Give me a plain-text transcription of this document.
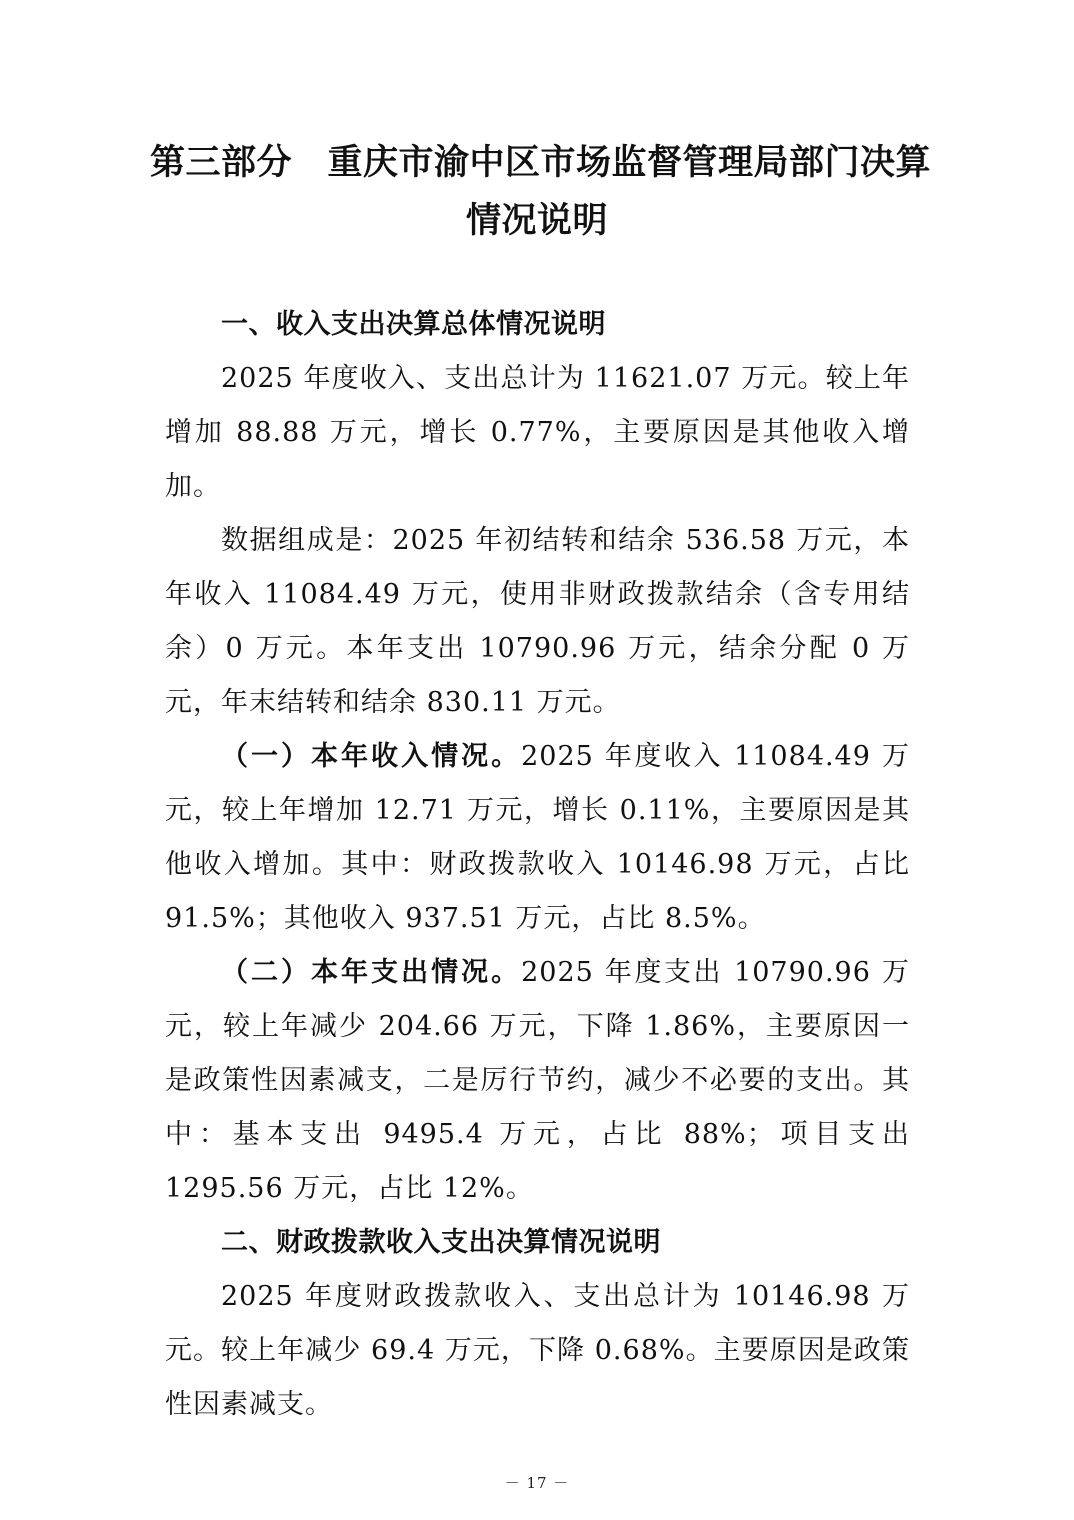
第三部分　重庆市渝中区市场监督管理局部门决算
情况说明
一、收入支出决算总体情况说明

2025 年度收入、支出总计为 11621.07 万元。较上年增加 88.88 万元，增长 0.77%，主要原因是其他收入增加。

数据组成是：2025 年初结转和结余 536.58 万元，本年收入 11084.49 万元，使用非财政拨款结余（含专用结余）0 万元。本年支出 10790.96 万元，结余分配 0 万元，年末结转和结余 830.11 万元。

（一）本年收入情况。2025 年度收入 11084.49 万元，较上年增加 12.71 万元，增长 0.11%，主要原因是其他收入增加。其中：财政拨款收入 10146.98 万元，占比 91.5%；其他收入 937.51 万元，占比 8.5%。

（二）本年支出情况。2025 年度支出 10790.96 万元，较上年减少 204.66 万元，下降 1.86%，主要原因一是政策性因素减支，二是厉行节约，减少不必要的支出。其中：基本支出 9495.4 万元，占比 88%；项目支出 1295.56 万元，占比 12%。

二、财政拨款收入支出决算情况说明

2025 年度财政拨款收入、支出总计为 10146.98 万元。较上年减少 69.4 万元，下降 0.68%。主要原因是政策性因素减支。

－ 17 －
